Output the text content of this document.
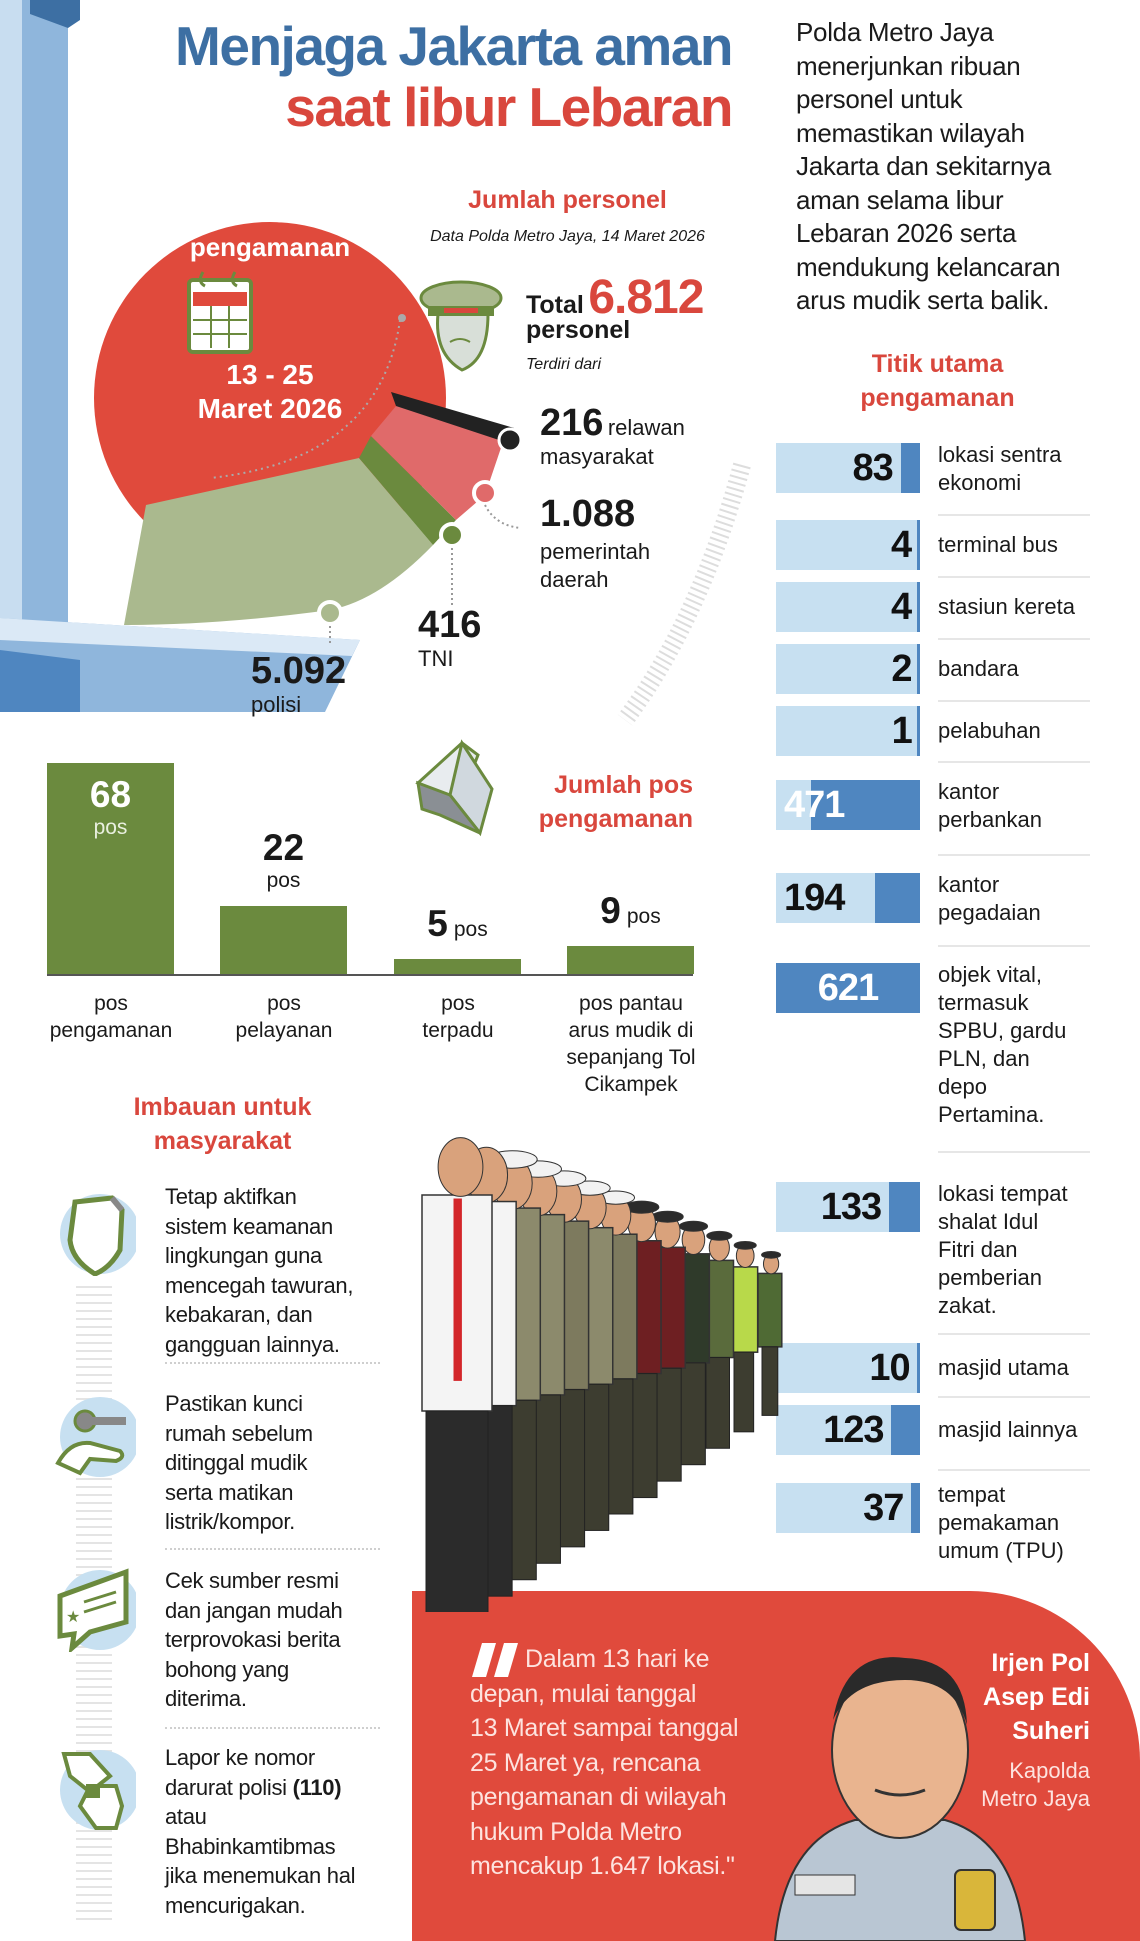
Menjaga Jakarta aman
saat libur Lebaran
Polda Metro Jaya
menerjunkan ribuan
personel untuk
memastikan wilayah
Jakarta dan sekitarnya
aman selama libur
Lebaran 2026 serta
mendukung kelancaran
arus mudik serta balik.
Periode
pengamanan
13 - 25
Maret 2026
Jumlah personel
Data Polda Metro Jaya, 14 Maret 2026
Total 6.812
personel
Terdiri dari
216 relawan
masyarakat
1.088
pemerintah
daerah
416
TNI
5.092
polisi
Titik utama
pengamanan
83 lokasi sentra
ekonomi
4 terminal bus
4 stasiun kereta
2 bandara
1 pelabuhan
471	kantor
perbankan
194	kantor
pegadaian
621	objek vital,
termasuk
SPBU, gardu
PLN, dan
depo
Pertamina.
133	lokasi tempat
shalat Idul
Fitri dan
pemberian
zakat.
10 masjid utama
123 masjid lainnya
37 tempat
pemakaman
umum (TPU)
Jumlah pos
pengamanan
68
pos
pos
pengamanan
22
pos
pos
pelayanan
5 pos
pos
terpadu
9 pos
pos pantau
arus mudik di
sepanjang Tol
Cikampek
Imbauan untuk
masyarakat
Tetap aktifkan
sistem keamanan
lingkungan guna
mencegah tawuran,
kebakaran, dan
gangguan lainnya.
Pastikan kunci
rumah sebelum
ditinggal mudik
serta matikan
listrik/kompor.
★
Cek sumber resmi
dan jangan mudah
terprovokasi berita
bohong yang
diterima.
Lapor ke nomor
darurat polisi (110)
atau
Bhabinkamtibmas
jika menemukan hal
mencurigakan.
Dalam 13 hari ke
depan, mulai tanggal
13 Maret sampai tanggal
25 Maret ya, rencana
pengamanan di wilayah
hukum Polda Metro
mencakup 1.647 lokasi."
Irjen Pol
Asep Edi
Suheri
Kapolda
Metro Jaya
